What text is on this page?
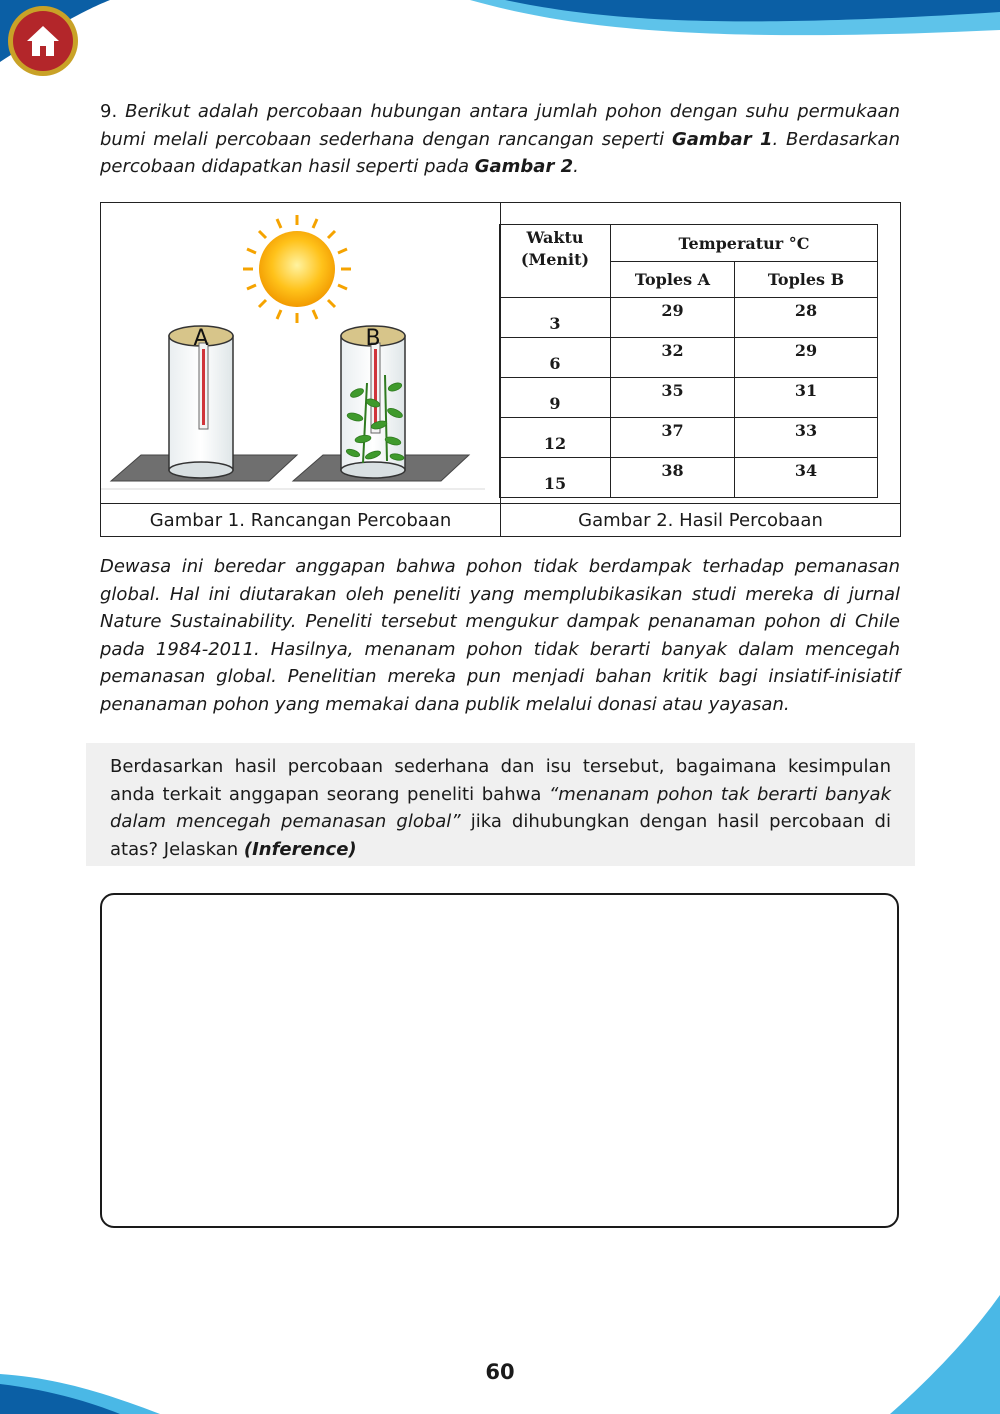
9. Berikut adalah percobaan hubungan antara jumlah pohon dengan suhu permukaan bumi melali percobaan sederhana dengan rancangan seperti Gambar 1. Berdasarkan percobaan didapatkan hasil seperti pada Gambar 2.
A B	

Gambar 1. Rancangan Percobaan	Gambar 2. Hasil Percobaan
Waktu
(Menit)	Temperatur °C	
	Toples A	Toples B
3	29	28
6	32	29
9	35	31
12	37	33
15	38	34
Dewasa ini beredar anggapan bahwa pohon tidak berdampak terhadap pemanasan global. Hal ini diutarakan oleh peneliti yang memplubikasikan studi mereka di jurnal Nature Sustainability. Peneliti tersebut mengukur dampak penanaman pohon di Chile pada 1984-2011. Hasilnya, menanam pohon tidak berarti banyak dalam mencegah pemanasan global. Penelitian mereka pun menjadi bahan kritik bagi insiatif-inisiatif penanaman pohon yang memakai dana publik melalui donasi atau yayasan.
Berdasarkan hasil percobaan sederhana dan isu tersebut, bagaimana kesimpulan anda terkait anggapan seorang peneliti bahwa “menanam pohon tak berarti banyak dalam mencegah pemanasan global” jika dihubungkan dengan hasil percobaan di atas? Jelaskan (Inference)
60
